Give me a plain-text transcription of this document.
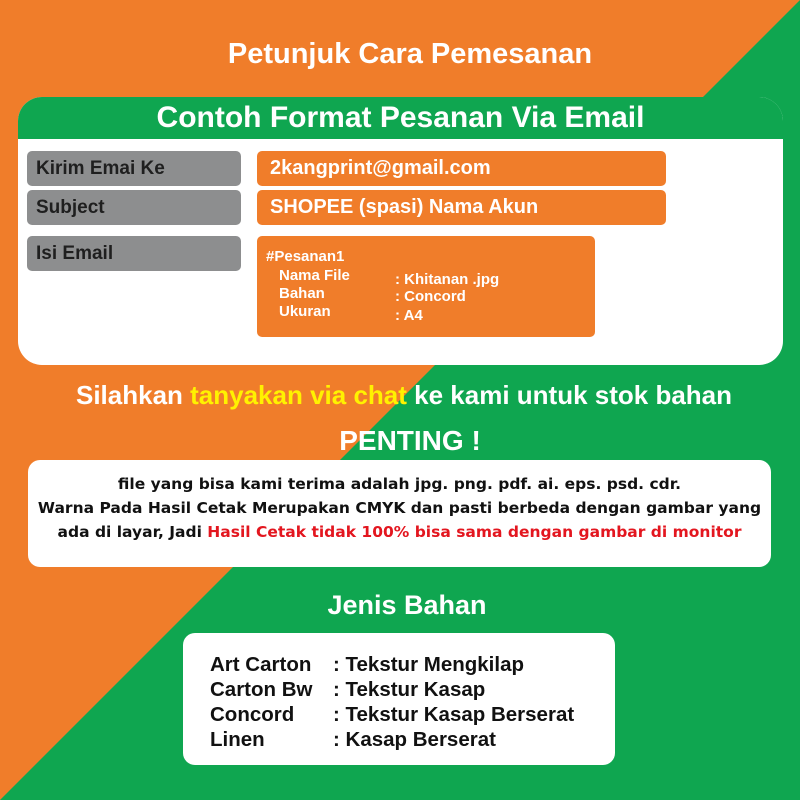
Petunjuk Cara Pemesanan
Contoh Format Pesanan Via Email
Kirim Emai Ke	2kangprint@gmail.com
Subject	SHOPEE (spasi) Nama Akun
Isi Email	#Pesanan1
Nama File	: Khitanan .jpg
Bahan	: Concord
Ukuran	: A4
Silahkan tanyakan via chat ke kami untuk stok bahan
PENTING !
file yang bisa kami terima adalah jpg. png. pdf. ai. eps. psd. cdr.
Warna Pada Hasil Cetak Merupakan CMYK dan pasti berbeda dengan gambar yang
ada di layar, Jadi Hasil Cetak tidak 100% bisa sama dengan gambar di monitor
Jenis Bahan
Art Carton : Tekstur Mengkilap
Carton Bw : Tekstur Kasap
Concord : Tekstur Kasap Berserat
Linen	: Kasap Berserat
